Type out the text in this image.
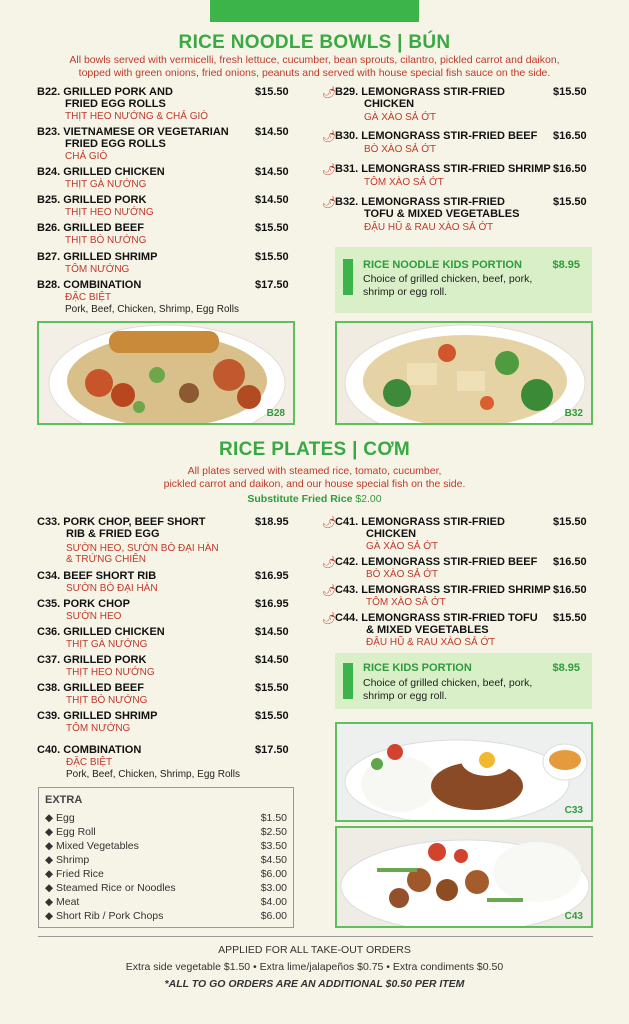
RICE NOODLE BOWLS | BÚN
All bowls served with vermicelli, fresh lettuce, cucumber, bean sprouts, cilantro, pickled carrot and daikon,
topped with green onions, fried onions, peanuts and served with house special fish sauce on the side.
B22. GRILLED PORK AND
FRIED EGG ROLLS
$15.50
THỊT HEO NƯỚNG & CHẢ GIÒ
B23. VIETNAMESE OR VEGETARIAN
FRIED EGG ROLLS
$14.50
CHẢ GIÒ
B24. GRILLED CHICKEN	$14.50
THỊT GÀ NƯỚNG
B25. GRILLED PORK	$14.50
THỊT HEO NƯỚNG
B26. GRILLED BEEF	$15.50
THỊT BÒ NƯỚNG
B27. GRILLED SHRIMP	$15.50
TÔM NƯỚNG
B28. COMBINATION	$17.50
ĐẶC BIỆT
Pork, Beef, Chicken, Shrimp, Egg Rolls
🌶 B29. LEMONGRASS STIR-FRIED
CHICKEN
$15.50
GÀ XÀO SẢ ỚT
🌶 B30. LEMONGRASS STIR-FRIED BEEF $16.50
BÒ XÀO SẢ ỚT
🌶 B31. LEMONGRASS STIR-FRIED SHRIMP $16.50
TÔM XÀO SẢ ỚT
🌶 B32. LEMONGRASS STIR-FRIED
TOFU & MIXED VEGETABLES
$15.50
ĐẬU HŨ & RAU XÀO SẢ ỚT
RICE NOODLE KIDS PORTION	$8.95
Choice of grilled chicken, beef, pork, shrimp or egg roll.
B28	B32
RICE PLATES | CƠM
All plates served with steamed rice, tomato, cucumber,
pickled carrot and daikon, and our house special fish on the side.
Substitute Fried Rice $2.00
C33. PORK CHOP, BEEF SHORT
RIB & FRIED EGG
$18.95
SƯỜN HEO, SƯỜN BÒ ĐẠI HÀN
& TRỨNG CHIÊN
C34. BEEF SHORT RIB	$16.95
SƯỜN BÒ ĐẠI HÀN
C35. PORK CHOP	$16.95
SƯỜN HEO
C36. GRILLED CHICKEN	$14.50
THỊT GÀ NƯỚNG
C37. GRILLED PORK	$14.50
THỊT HEO NƯỚNG
C38. GRILLED BEEF	$15.50
THỊT BÒ NƯỚNG
C39. GRILLED SHRIMP	$15.50
TÔM NƯỚNG
C40. COMBINATION	$17.50
ĐẶC BIỆT
Pork, Beef, Chicken, Shrimp, Egg Rolls
🌶 C41. LEMONGRASS STIR-FRIED
CHICKEN
$15.50
GÀ XÀO SẢ ỚT
🌶 C42. LEMONGRASS STIR-FRIED BEEF $16.50
BÒ XÀO SẢ ỚT
🌶 C43. LEMONGRASS STIR-FRIED SHRIMP $16.50
TÔM XÀO SẢ ỚT
🌶 C44. LEMONGRASS STIR-FRIED TOFU
& MIXED VEGETABLES
$15.50
ĐẬU HŨ & RAU XÀO SẢ ỚT
RICE KIDS PORTION	$8.95
Choice of grilled chicken, beef, pork, shrimp or egg roll.
C33
C43
EXTRA
◆ Egg	$1.50
◆ Egg Roll	$2.50
◆ Mixed Vegetables	$3.50
◆ Shrimp	$4.50
◆ Fried Rice	$6.00
◆ Steamed Rice or Noodles	$3.00
◆ Meat	$4.00
◆ Short Rib / Pork Chops	$6.00
APPLIED FOR ALL TAKE-OUT ORDERS
Extra side vegetable $1.50 • Extra lime/jalapeños $0.75 • Extra condiments $0.50
*ALL TO GO ORDERS ARE AN ADDITIONAL $0.50 PER ITEM
